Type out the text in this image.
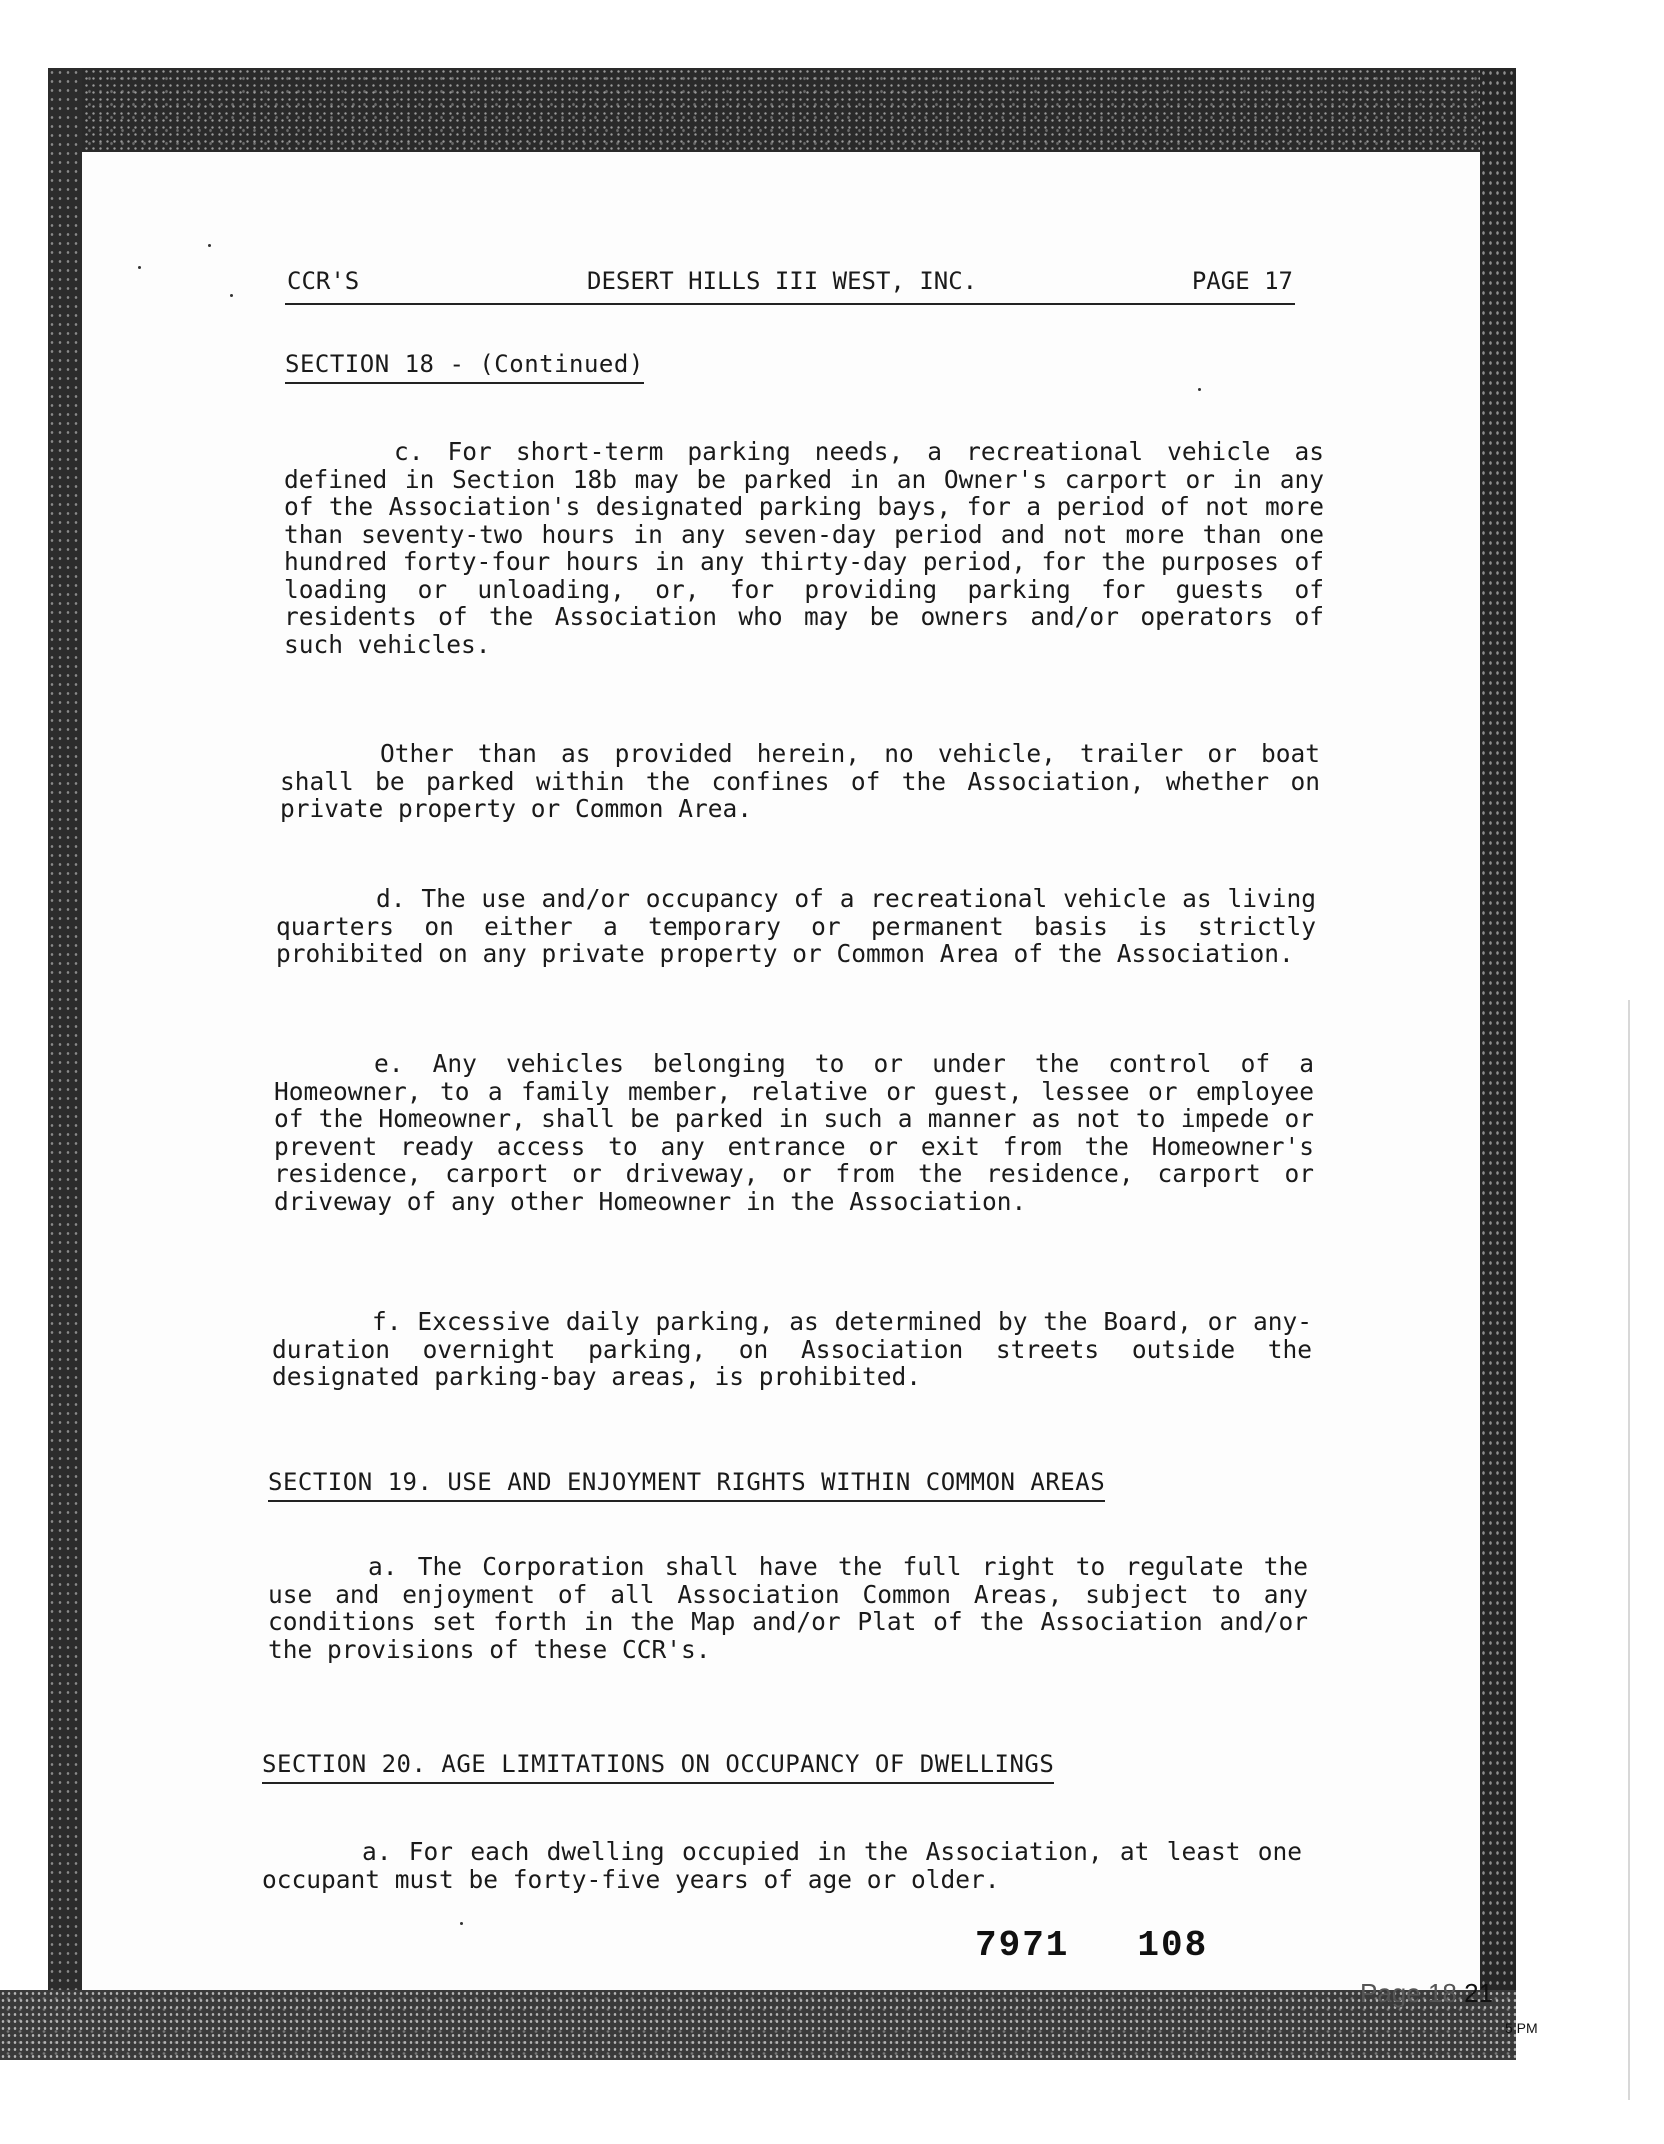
CCR'S	DESERT HILLS III WEST, INC.	PAGE 17
SECTION 18 - (Continued)

c. For short-term parking needs, a recreational vehicle as defined in Section 18b may be parked in an Owner's carport or in any of the Association's designated parking bays, for a period of not more than seventy-two hours in any seven-day period and not more than one hundred forty-four hours in any thirty-day period, for the purposes of loading or unloading, or, for providing parking for guests of residents of the Association who may be owners and/or operators of such vehicles.

Other than as provided herein, no vehicle, trailer or boat shall be parked within the confines of the Association, whether on private property or Common Area.

d. The use and/or occupancy of a recreational vehicle as living quarters on either a temporary or permanent basis is strictly prohibited on any private property or Common Area of the Association.

e. Any vehicles belonging to or under the control of a Homeowner, to a family member, relative or guest, lessee or employee of the Homeowner, shall be parked in such a manner as not to impede or prevent ready access to any entrance or exit from the Homeowner's residence, carport or driveway, or from the residence, carport or driveway of any other Homeowner in the Association.

f. Excessive daily parking, as determined by the Board, or any-duration overnight parking, on Association streets outside the designated parking-bay areas, is prohibited.

SECTION 19. USE AND ENJOYMENT RIGHTS WITHIN COMMON AREAS

a. The Corporation shall have the full right to regulate the use and enjoyment of all Association Common Areas, subject to any conditions set forth in the Map and/or Plat of the Association and/or the provisions of these CCR's.

SECTION 20. AGE LIMITATIONS ON OCCUPANCY OF DWELLINGS

a. For each dwelling occupied in the Association, at least one occupant must be forty-five years of age or older.

7971 108
Page 18 21
5 PM
